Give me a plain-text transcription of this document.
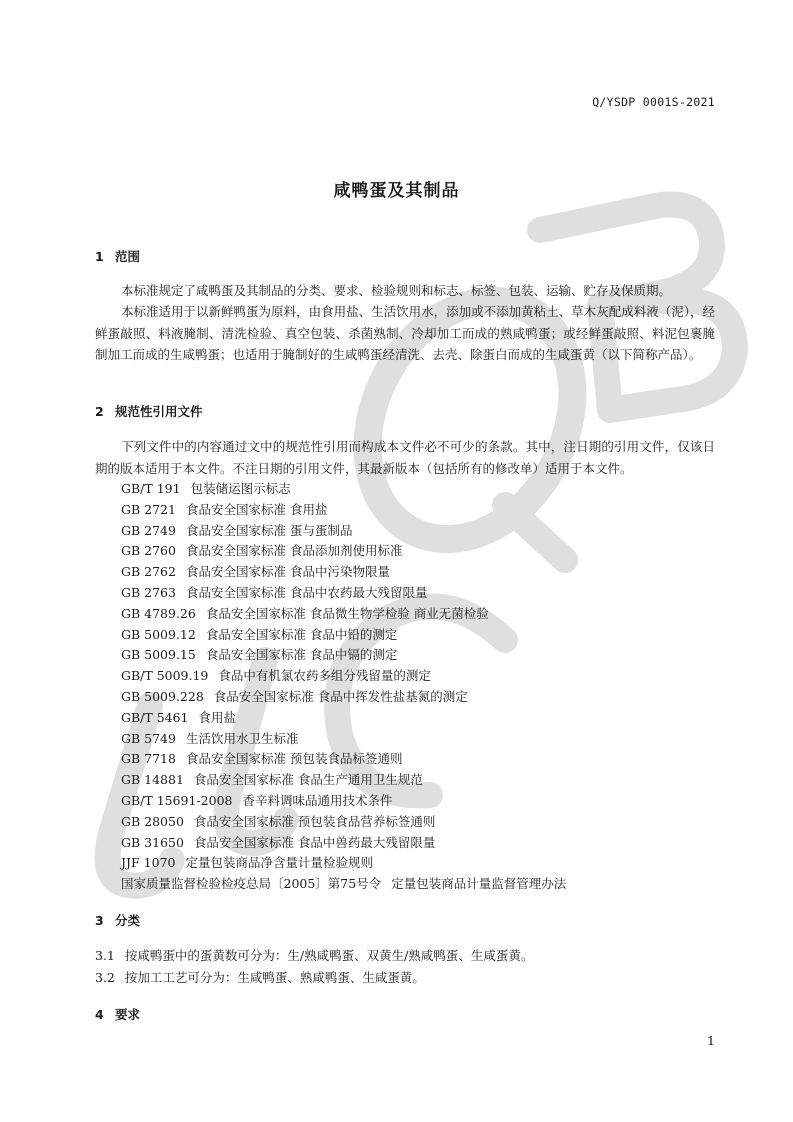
Q/YSDP 0001S-2021
咸鸭蛋及其制品
1 范围
本标准规定了咸鸭蛋及其制品的分类、要求、检验规则和标志、标签、包装、运输、贮存及保质期。
本标准适用于以新鲜鸭蛋为原料，由食用盐、生活饮用水，添加或不添加黄粘土、草木灰配成料液（泥），经鲜蛋敲照、料液腌制、清洗检验、真空包装、杀菌熟制、冷却加工而成的熟咸鸭蛋；或经鲜蛋敲照、料泥包裹腌制加工而成的生咸鸭蛋；也适用于腌制好的生咸鸭蛋经清洗、去壳、除蛋白而成的生咸蛋黄（以下简称产品）。
2 规范性引用文件
下列文件中的内容通过文中的规范性引用而构成本文件必不可少的条款。其中，注日期的引用文件，仅该日期的版本适用于本文件。不注日期的引用文件，其最新版本（包括所有的修改单）适用于本文件。
GB/T 191 包装储运图示标志
GB 2721 食品安全国家标准 食用盐
GB 2749 食品安全国家标准 蛋与蛋制品
GB 2760 食品安全国家标准 食品添加剂使用标准
GB 2762 食品安全国家标准 食品中污染物限量
GB 2763 食品安全国家标准 食品中农药最大残留限量
GB 4789.26 食品安全国家标准 食品微生物学检验 商业无菌检验
GB 5009.12 食品安全国家标准 食品中铅的测定
GB 5009.15 食品安全国家标准 食品中镉的测定
GB/T 5009.19 食品中有机氯农药多组分残留量的测定
GB 5009.228 食品安全国家标准 食品中挥发性盐基氮的测定
GB/T 5461 食用盐
GB 5749 生活饮用水卫生标准
GB 7718 食品安全国家标准 预包装食品标签通则
GB 14881 食品安全国家标准 食品生产通用卫生规范
GB/T 15691-2008 香辛料调味品通用技术条件
GB 28050 食品安全国家标准 预包装食品营养标签通则
GB 31650 食品安全国家标准 食品中兽药最大残留限量
JJF 1070 定量包装商品净含量计量检验规则
国家质量监督检验检疫总局〔2005〕第75号令 定量包装商品计量监督管理办法
3 分类
3.1 按咸鸭蛋中的蛋黄数可分为：生/熟咸鸭蛋、双黄生/熟咸鸭蛋、生咸蛋黄。
3.2 按加工工艺可分为：生咸鸭蛋、熟咸鸭蛋、生咸蛋黄。
4 要求
1
